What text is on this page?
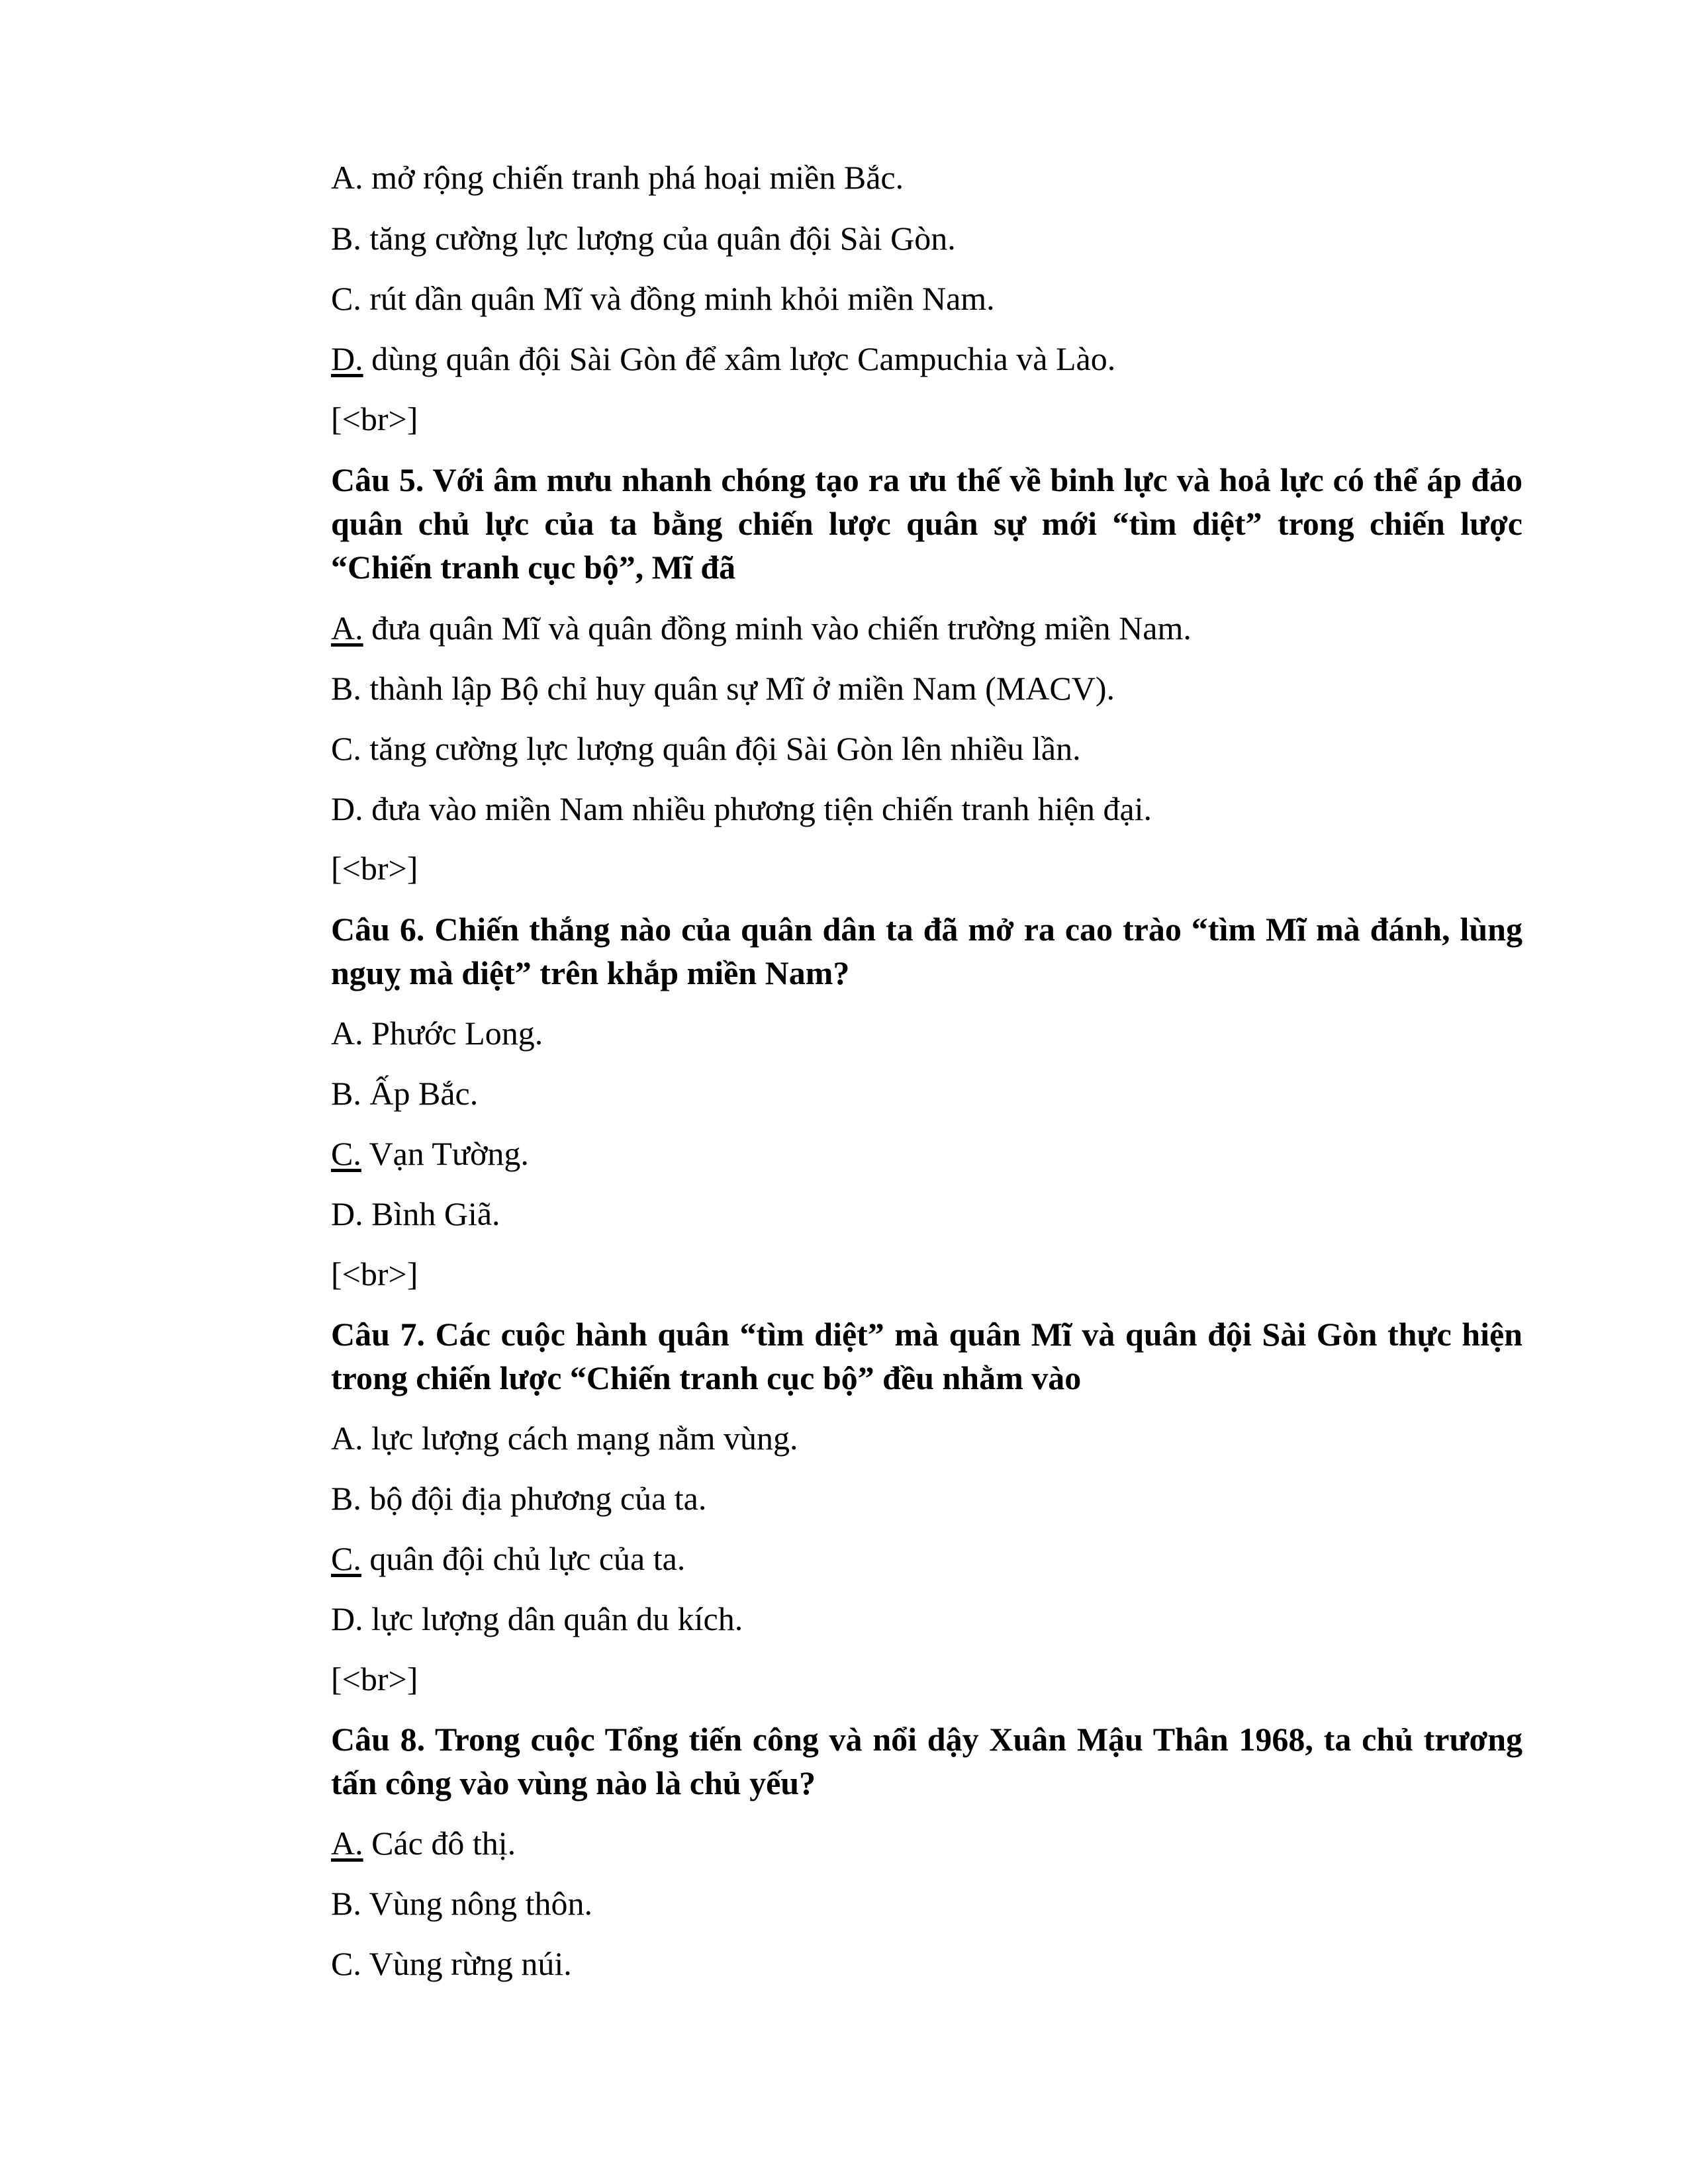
A. mở rộng chiến tranh phá hoại miền Bắc.
B. tăng cường lực lượng của quân đội Sài Gòn.
C. rút dần quân Mĩ và đồng minh khỏi miền Nam.
D. dùng quân đội Sài Gòn để xâm lược Campuchia và Lào.
[<br>]
Câu 5. Với âm mưu nhanh chóng tạo ra ưu thế về binh lực và hoả lực có thể áp đảo quân chủ lực của ta bằng chiến lược quân sự mới “tìm diệt” trong chiến lược “Chiến tranh cục bộ”, Mĩ đã
A. đưa quân Mĩ và quân đồng minh vào chiến trường miền Nam.
B. thành lập Bộ chỉ huy quân sự Mĩ ở miền Nam (MACV).
C. tăng cường lực lượng quân đội Sài Gòn lên nhiều lần.
D. đưa vào miền Nam nhiều phương tiện chiến tranh hiện đại.
[<br>]
Câu 6. Chiến thắng nào của quân dân ta đã mở ra cao trào “tìm Mĩ mà đánh, lùng nguỵ mà diệt” trên khắp miền Nam?
A. Phước Long.
B. Ấp Bắc.
C. Vạn Tường.
D. Bình Giã.
[<br>]
Câu 7. Các cuộc hành quân “tìm diệt” mà quân Mĩ và quân đội Sài Gòn thực hiện trong chiến lược “Chiến tranh cục bộ” đều nhằm vào
A. lực lượng cách mạng nằm vùng.
B. bộ đội địa phương của ta.
C. quân đội chủ lực của ta.
D. lực lượng dân quân du kích.
[<br>]
Câu 8. Trong cuộc Tổng tiến công và nổi dậy Xuân Mậu Thân 1968, ta chủ trương tấn công vào vùng nào là chủ yếu?
A. Các đô thị.
B. Vùng nông thôn.
C. Vùng rừng núi.
